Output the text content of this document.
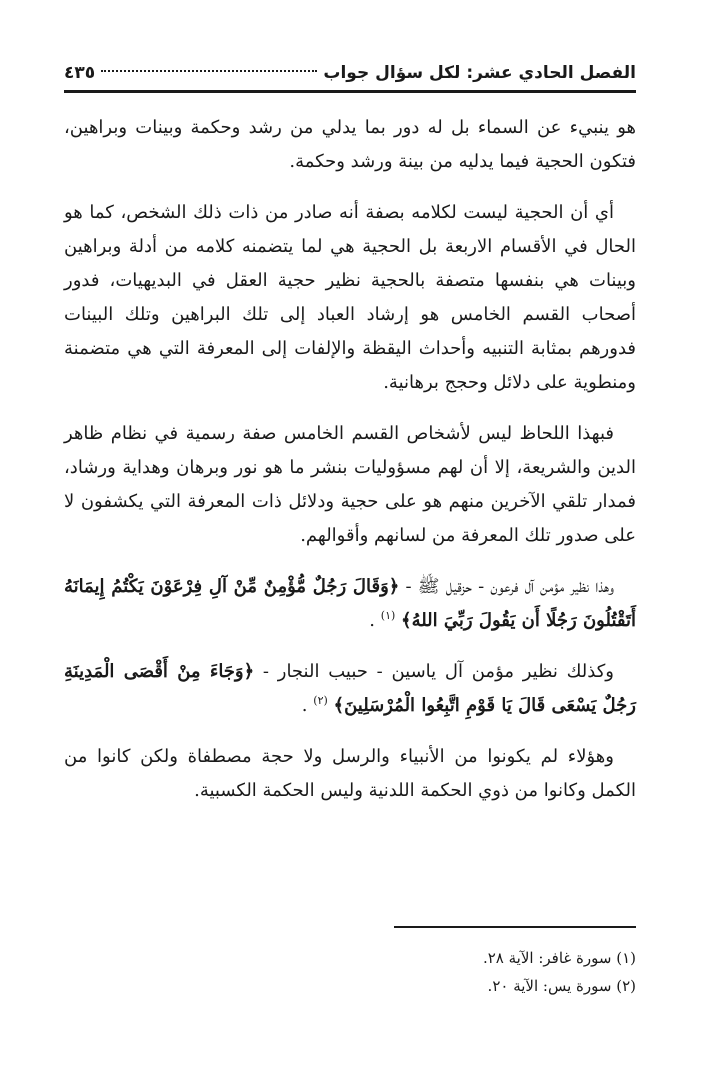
الفصل الحادي عشر: لكل سؤال جواب
٤٣٥

هو ينبيء عن السماء بل له دور بما يدلي من رشد وحكمة وبينات وبراهين، فتكون الحجية فيما يدليه من بينة ورشد وحكمة.

أي أن الحجية ليست لكلامه بصفة أنه صادر من ذات ذلك الشخص، كما هو الحال في الأقسام الاربعة بل الحجية هي لما يتضمنه كلامه من أدلة وبراهين وبينات هي بنفسها متصفة بالحجية نظير حجية العقل في البديهيات، فدور أصحاب القسم الخامس هو إرشاد العباد إلى تلك البراهين وتلك البينات فدورهم بمثابة التنبيه وأحداث اليقظة والإلفات إلى المعرفة التي هي متضمنة ومنطوية على دلائل وحجج برهانية.

فبهذا اللحاظ ليس لأشخاص القسم الخامس صفة رسمية في نظام ظاهر الدين والشريعة، إلا أن لهم مسؤوليات بنشر ما هو نور وبرهان وهداية ورشاد، فمدار تلقي الآخرين منهم هو على حجية ودلائل ذات المعرفة التي يكشفون لا على صدور تلك المعرفة من لسانهم وأقوالهم.

وهذا نظير مؤمن آل فرعون - حزقيل ﷺ - ﴿وَقَالَ رَجُلٌ مُّؤْمِنٌ مِّنْ آلِ فِرْعَوْنَ يَكْتُمُ إِيمَانَهُ أَتَقْتُلُونَ رَجُلًا أَن يَقُولَ رَبِّيَ اللهُ﴾ $^{(١)}$ .

وكذلك نظير مؤمن آل ياسين - حبيب النجار - ﴿وَجَاءَ مِنْ أَقْصَى الْمَدِينَةِ رَجُلٌ يَسْعَى قَالَ يَا قَوْمِ اتَّبِعُوا الْمُرْسَلِينَ﴾ $^{(٢)}$ .

وهؤلاء لم يكونوا من الأنبياء والرسل ولا حجة مصطفاة ولكن كانوا من الكمل وكانوا من ذوي الحكمة اللدنية وليس الحكمة الكسبية.

(١) سورة غافر: الآية ٢٨.

(٢) سورة يس: الآية ٢٠.
